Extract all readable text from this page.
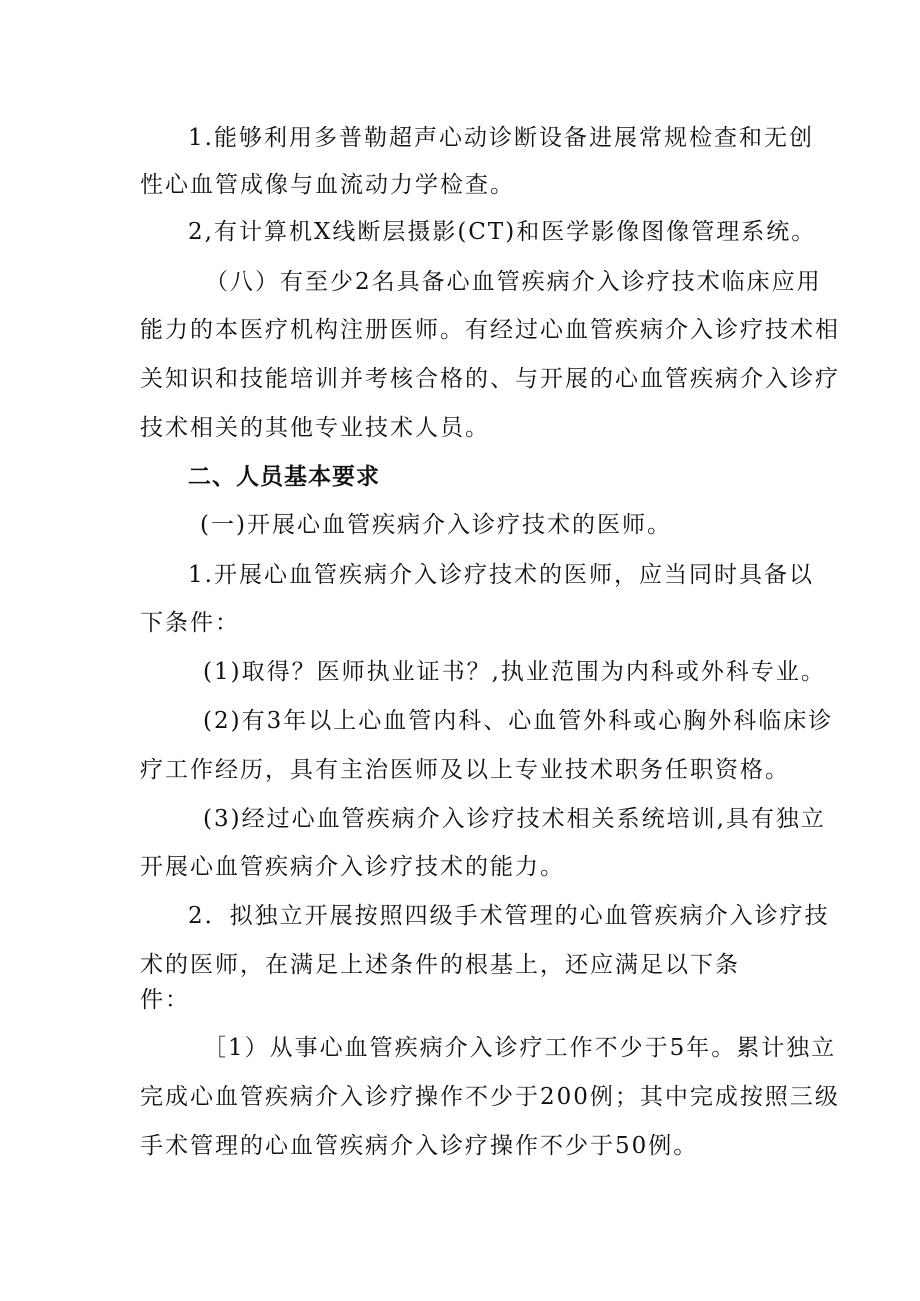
1.能够利用多普勒超声心动诊断设备进展常规检查和无创
性心血管成像与血流动力学检查。
2,有计算机X线断层摄影(CT)和医学影像图像管理系统。
（八）有至少2名具备心血管疾病介入诊疗技术临床应用
能力的本医疗机构注册医师。有经过心血管疾病介入诊疗技术相
关知识和技能培训并考核合格的、与开展的心血管疾病介入诊疗
技术相关的其他专业技术人员。
二、人员基本要求
(一)开展心血管疾病介入诊疗技术的医师。
1.开展心血管疾病介入诊疗技术的医师，应当同时具备以
下条件：
(1)取得？医师执业证书？,执业范围为内科或外科专业。
(2)有3年以上心血管内科、心血管外科或心胸外科临床诊
疗工作经历，具有主治医师及以上专业技术职务任职资格。
(3)经过心血管疾病介入诊疗技术相关系统培训,具有独立
开展心血管疾病介入诊疗技术的能力。
2．拟独立开展按照四级手术管理的心血管疾病介入诊疗技
术的医师，在满足上述条件的根基上，还应满足以下条
件：
［1）从事心血管疾病介入诊疗工作不少于5年。累计独立
完成心血管疾病介入诊疗操作不少于200例；其中完成按照三级
手术管理的心血管疾病介入诊疗操作不少于50例。
